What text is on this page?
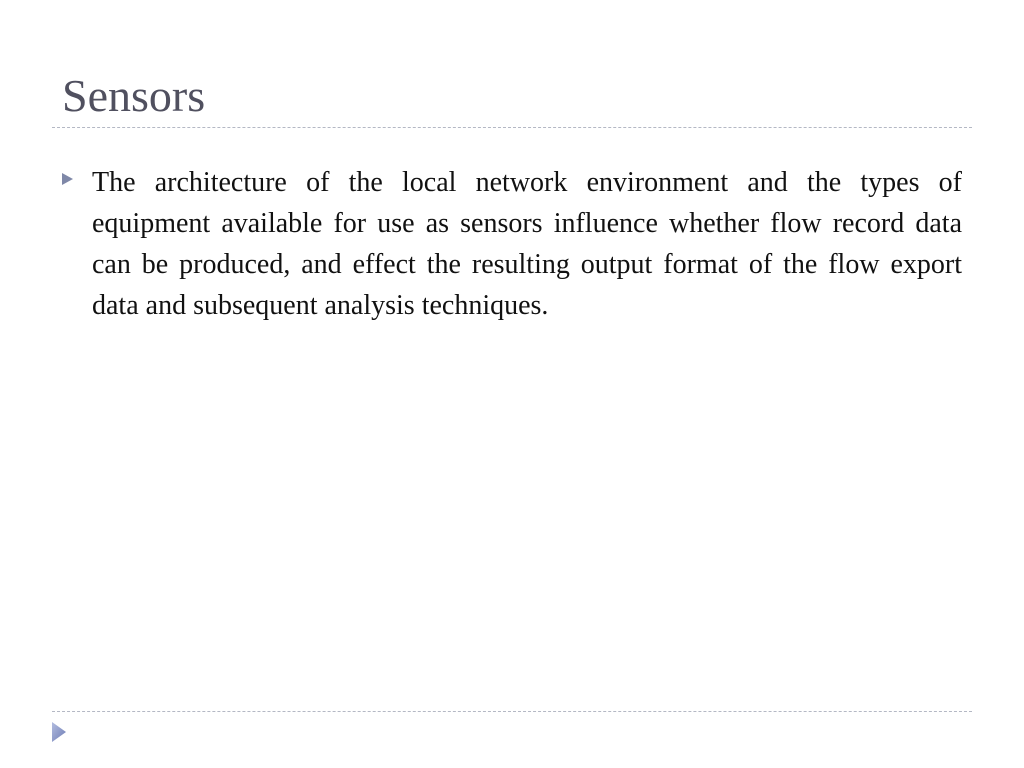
Sensors
The architecture of the local network environment and the types of equipment available for use as sensors influence whether flow record data can be produced, and effect the resulting output format of the flow export data and subsequent analysis techniques.
